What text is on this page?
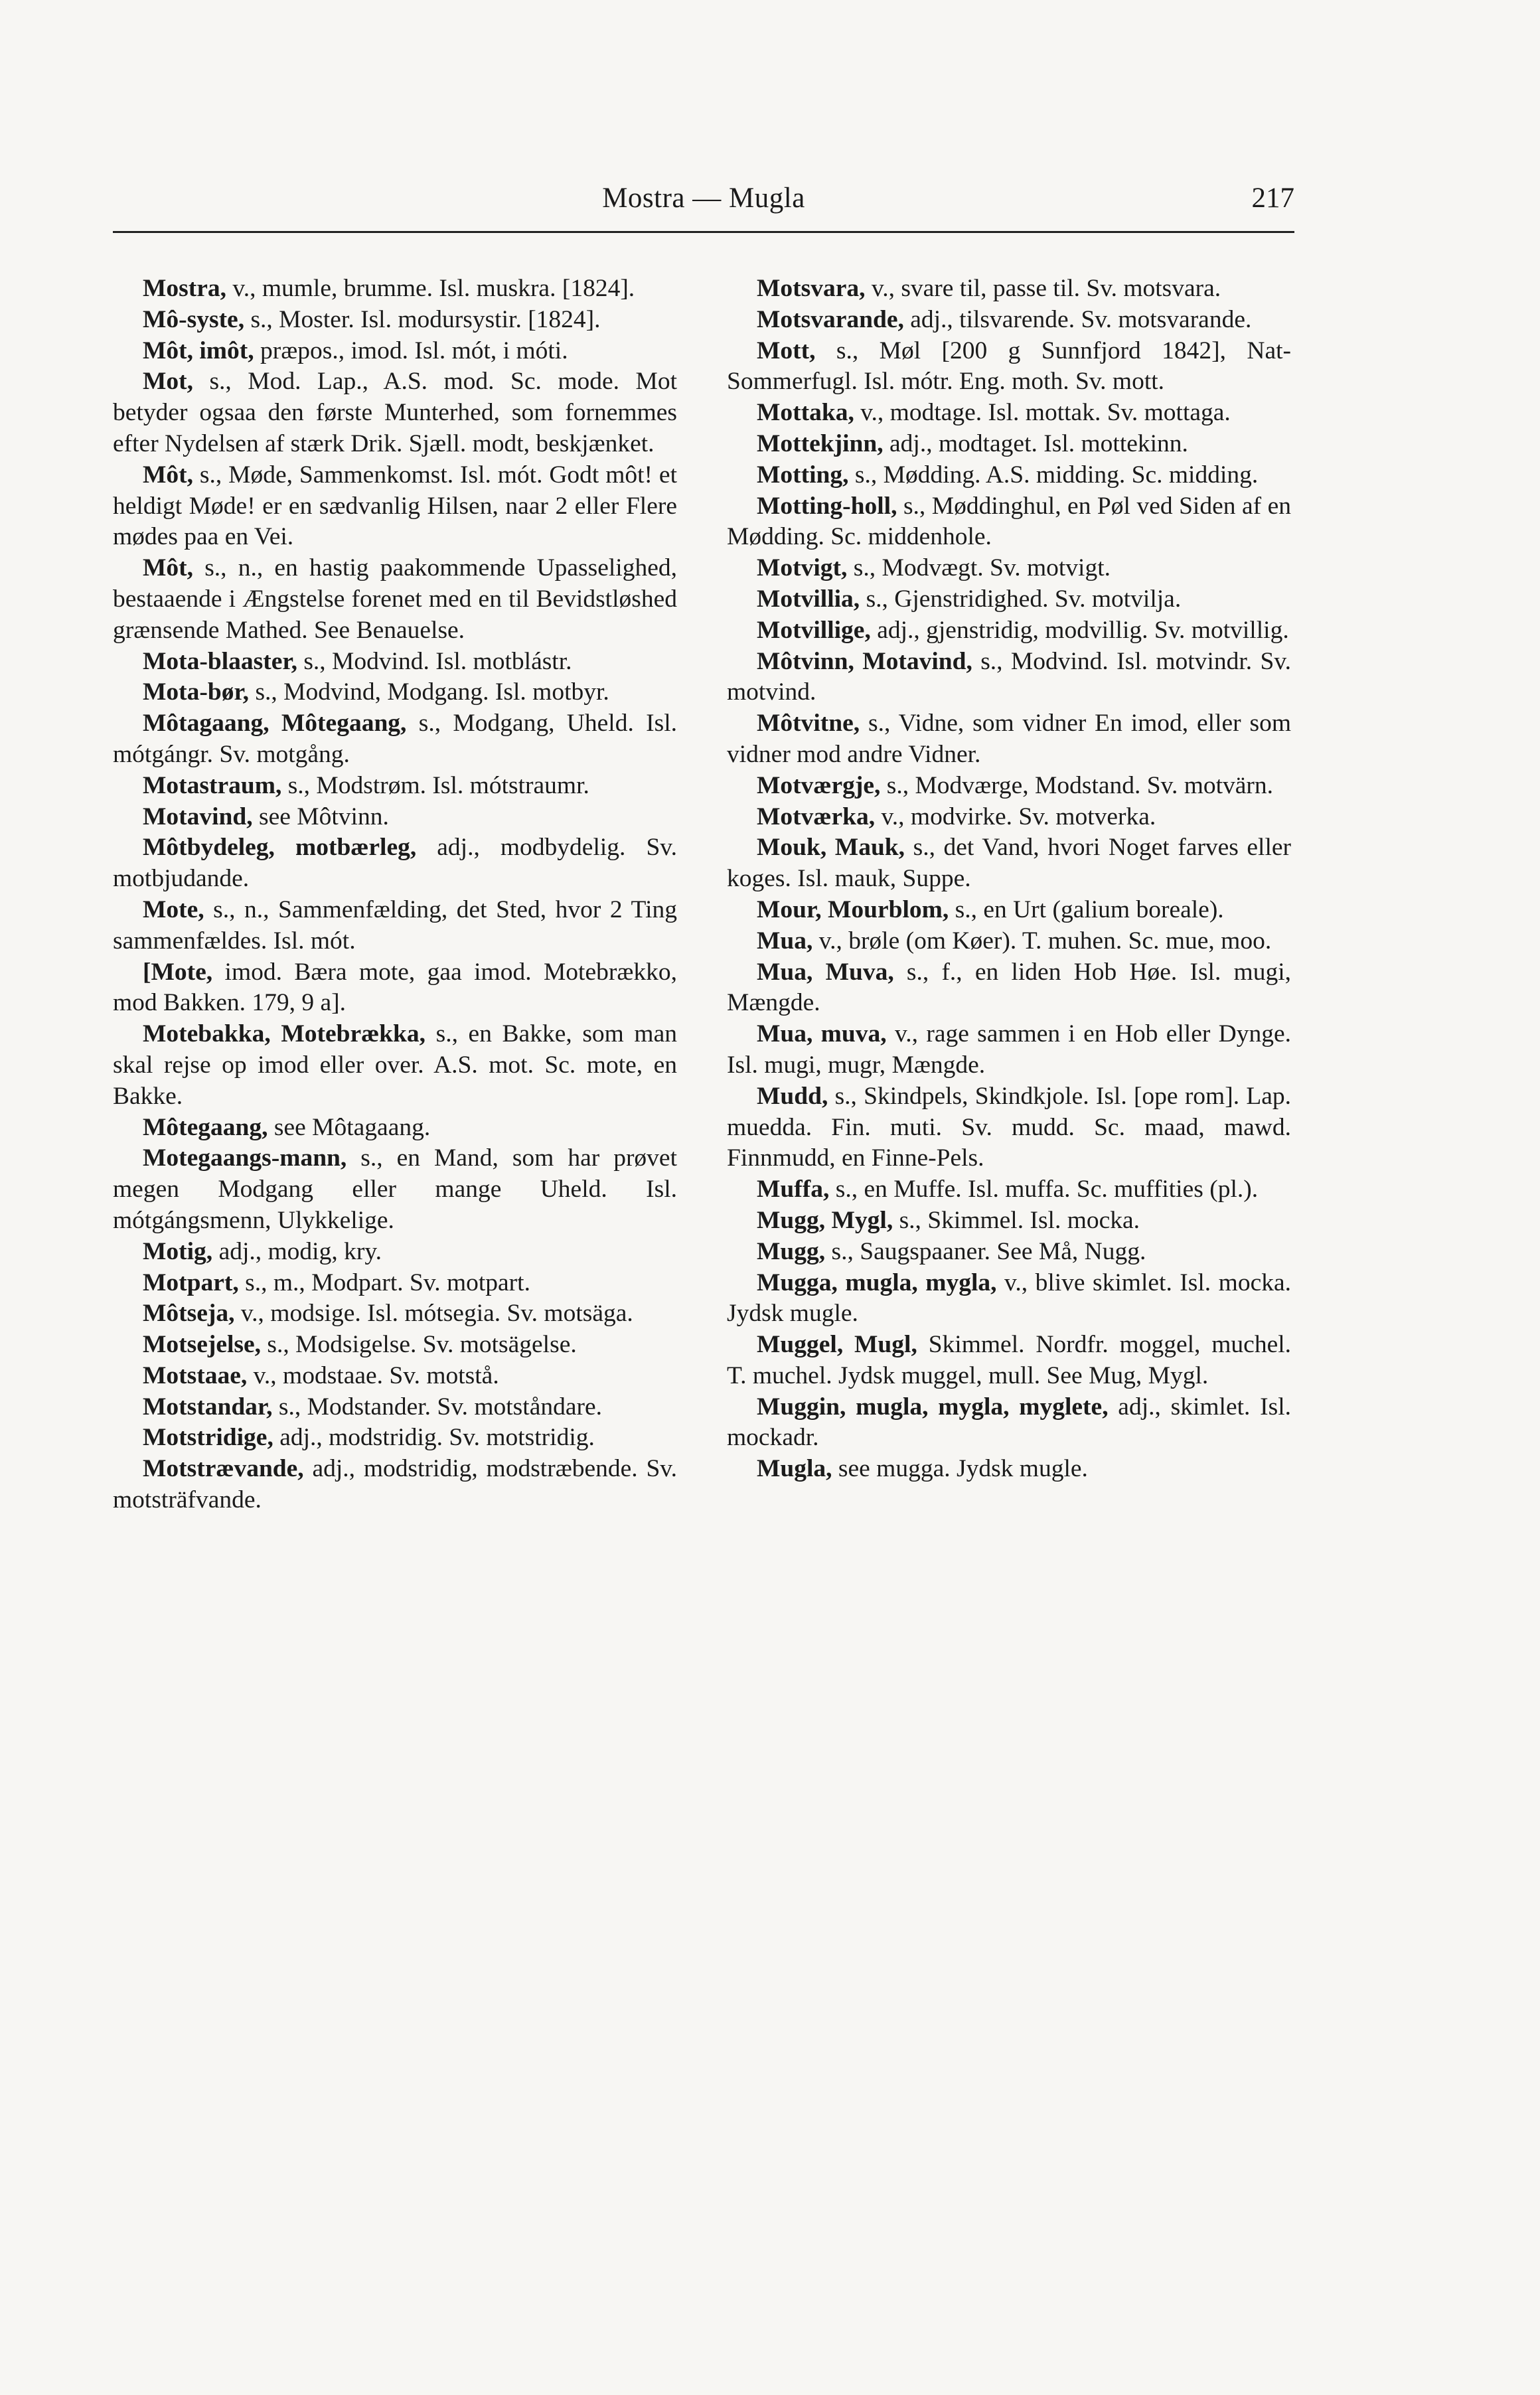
Mostra — Mugla	217

Mostra, v., mumle, brumme. Isl. muskra. [1824].

Mô-syste, s., Moster. Isl. modursystir. [1824].

Môt, imôt, præpos., imod. Isl. mót, i móti.

Mot, s., Mod. Lap., A.S. mod. Sc. mode. Mot betyder ogsaa den første Munterhed, som fornemmes efter Nydelsen af stærk Drik. Sjæll. modt, beskjænket.

Môt, s., Møde, Sammenkomst. Isl. mót. Godt môt! et heldigt Møde! er en sædvanlig Hilsen, naar 2 eller Flere mødes paa en Vei.

Môt, s., n., en hastig paakommende Upasselighed, bestaaende i Ængstelse forenet med en til Bevidstløshed grænsende Mathed. See Benauelse.

Mota-blaaster, s., Modvind. Isl. motblástr.

Mota-bør, s., Modvind, Modgang. Isl. motbyr.

Môtagaang, Môtegaang, s., Modgang, Uheld. Isl. mótgángr. Sv. motgång.

Motastraum, s., Modstrøm. Isl. mótstraumr.

Motavind, see Môtvinn.

Môtbydeleg, motbærleg, adj., modbydelig. Sv. motbjudande.

Mote, s., n., Sammenfælding, det Sted, hvor 2 Ting sammenfældes. Isl. mót.

[Mote, imod. Bæra mote, gaa imod. Motebrækko, mod Bakken. 179, 9 a].

Motebakka, Motebrækka, s., en Bakke, som man skal rejse op imod eller over. A.S. mot. Sc. mote, en Bakke.

Môtegaang, see Môtagaang.

Motegaangs-mann, s., en Mand, som har prøvet megen Modgang eller mange Uheld. Isl. mótgángsmenn, Ulykkelige.

Motig, adj., modig, kry.

Motpart, s., m., Modpart. Sv. motpart.

Môtseja, v., modsige. Isl. mótsegia. Sv. motsäga.

Motsejelse, s., Modsigelse. Sv. motsägelse.

Motstaae, v., modstaae. Sv. motstå.

Motstandar, s., Modstander. Sv. motståndare.

Motstridige, adj., modstridig. Sv. motstridig.

Motstrævande, adj., modstridig, modstræbende. Sv. motsträfvande.

Motsvara, v., svare til, passe til. Sv. motsvara.

Motsvarande, adj., tilsvarende. Sv. motsvarande.

Mott, s., Møl [200 g Sunnfjord 1842], Nat-Sommerfugl. Isl. mótr. Eng. moth. Sv. mott.

Mottaka, v., modtage. Isl. mottak. Sv. mottaga.

Mottekjinn, adj., modtaget. Isl. mottekinn.

Motting, s., Mødding. A.S. midding. Sc. midding.

Motting-holl, s., Møddinghul, en Pøl ved Siden af en Mødding. Sc. middenhole.

Motvigt, s., Modvægt. Sv. motvigt.

Motvillia, s., Gjenstridighed. Sv. motvilja.

Motvillige, adj., gjenstridig, modvillig. Sv. motvillig.

Môtvinn, Motavind, s., Modvind. Isl. motvindr. Sv. motvind.

Môtvitne, s., Vidne, som vidner En imod, eller som vidner mod andre Vidner.

Motværgje, s., Modværge, Modstand. Sv. motvärn.

Motværka, v., modvirke. Sv. motverka.

Mouk, Mauk, s., det Vand, hvori Noget farves eller koges. Isl. mauk, Suppe.

Mour, Mourblom, s., en Urt (galium boreale).

Mua, v., brøle (om Køer). T. muhen. Sc. mue, moo.

Mua, Muva, s., f., en liden Hob Høe. Isl. mugi, Mængde.

Mua, muva, v., rage sammen i en Hob eller Dynge. Isl. mugi, mugr, Mængde.

Mudd, s., Skindpels, Skindkjole. Isl. [ope rom]. Lap. muedda. Fin. muti. Sv. mudd. Sc. maad, mawd. Finnmudd, en Finne-Pels.

Muffa, s., en Muffe. Isl. muffa. Sc. muffities (pl.).

Mugg, Mygl, s., Skimmel. Isl. mocka.

Mugg, s., Saugspaaner. See Må, Nugg.

Mugga, mugla, mygla, v., blive skimlet. Isl. mocka. Jydsk mugle.

Muggel, Mugl, Skimmel. Nordfr. moggel, muchel. T. muchel. Jydsk muggel, mull. See Mug, Mygl.

Muggin, mugla, mygla, myglete, adj., skimlet. Isl. mockadr.

Mugla, see mugga. Jydsk mugle.
